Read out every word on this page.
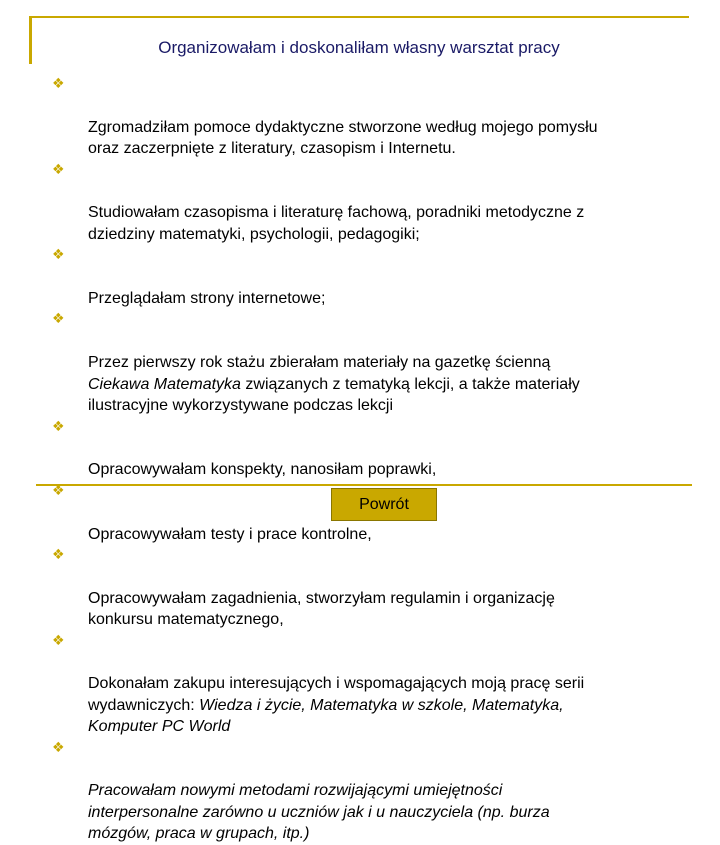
Organizowałam i doskonaliłam własny warsztat pracy

❖

Zgromadziłam pomoce dydaktyczne stworzone według mojego pomysłu
oraz zaczerpnięte z literatury, czasopism i Internetu.

❖

Studiowałam czasopisma i literaturę fachową, poradniki metodyczne z
dziedziny matematyki, psychologii, pedagogiki;

❖

Przeglądałam strony internetowe;

❖

Przez pierwszy rok stażu zbierałam materiały na gazetkę ścienną
Ciekawa Matematyka związanych z tematyką lekcji, a także materiały
ilustracyjne wykorzystywane podczas lekcji

❖

Opracowywałam konspekty, nanosiłam poprawki,

❖

Opracowywałam testy i prace kontrolne,

❖

Opracowywałam zagadnienia, stworzyłam regulamin i organizację
konkursu matematycznego,

❖

Dokonałam zakupu interesujących i wspomagających moją pracę serii
wydawniczych: Wiedza i życie, Matematyka w szkole, Matematyka,
Komputer PC World

❖

Pracowałam nowymi metodami rozwijającymi umiejętności
interpersonalne zarówno u uczniów jak i u nauczyciela (np. burza
mózgów, praca w grupach, itp.)

Powrót
